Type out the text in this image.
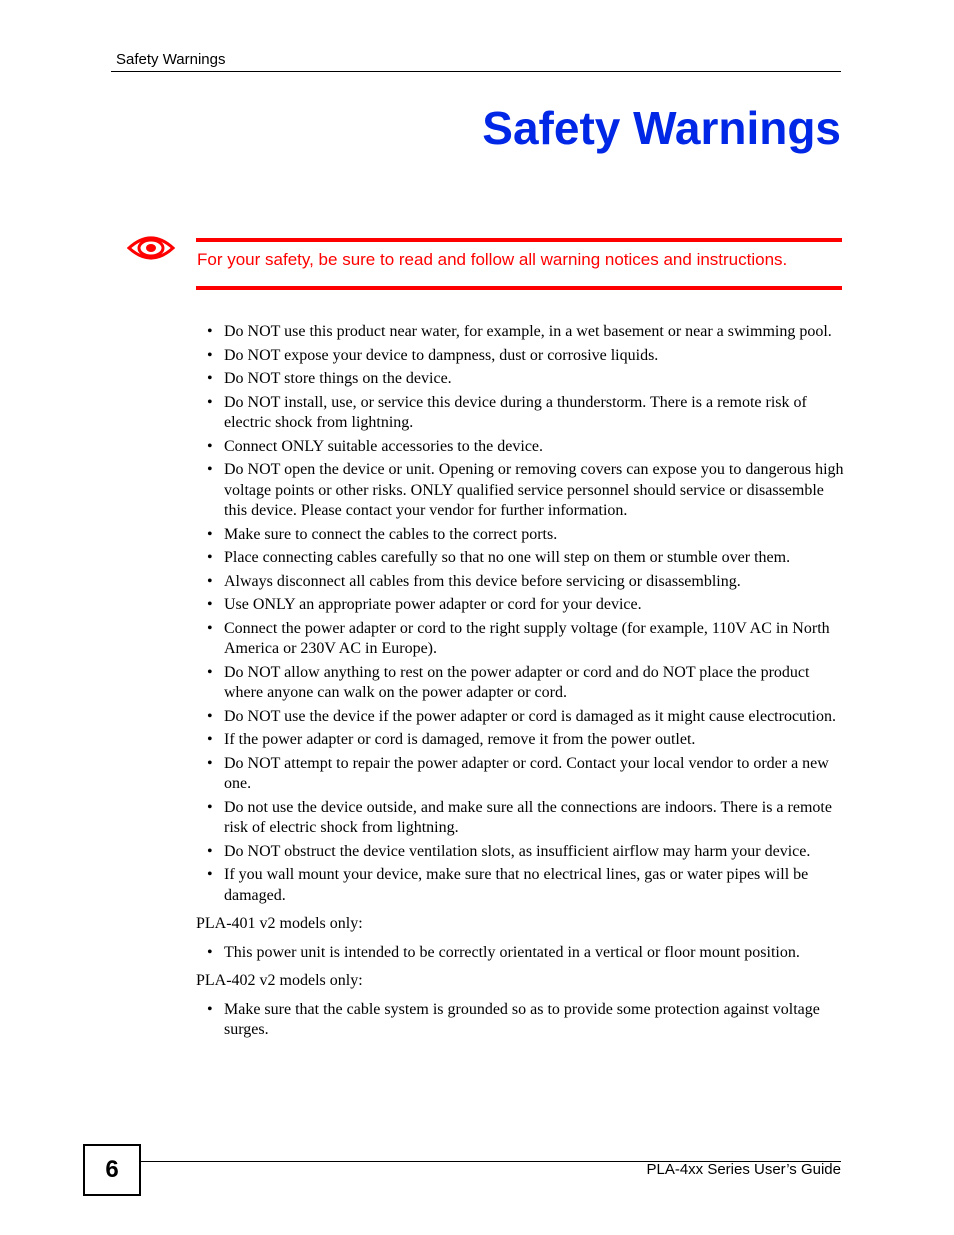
Safety Warnings
Safety Warnings
For your safety, be sure to read and follow all warning notices and instructions.
• Do NOT use this product near water, for example, in a wet basement or near a swimming pool.
• Do NOT expose your device to dampness, dust or corrosive liquids.
• Do NOT store things on the device.
• Do NOT install, use, or service this device during a thunderstorm. There is a remote risk of electric shock from lightning.
• Connect ONLY suitable accessories to the device.
• Do NOT open the device or unit. Opening or removing covers can expose you to dangerous high voltage points or other risks. ONLY qualified service personnel should service or disassemble this device. Please contact your vendor for further information.
• Make sure to connect the cables to the correct ports.
• Place connecting cables carefully so that no one will step on them or stumble over them.
• Always disconnect all cables from this device before servicing or disassembling.
• Use ONLY an appropriate power adapter or cord for your device.
• Connect the power adapter or cord to the right supply voltage (for example, 110V AC in North America or 230V AC in Europe).
• Do NOT allow anything to rest on the power adapter or cord and do NOT place the product where anyone can walk on the power adapter or cord.
• Do NOT use the device if the power adapter or cord is damaged as it might cause electrocution.
• If the power adapter or cord is damaged, remove it from the power outlet.
• Do NOT attempt to repair the power adapter or cord. Contact your local vendor to order a new one.
• Do not use the device outside, and make sure all the connections are indoors. There is a remote risk of electric shock from lightning.
• Do NOT obstruct the device ventilation slots, as insufficient airflow may harm your device.
• If you wall mount your device, make sure that no electrical lines, gas or water pipes will be damaged.

PLA-401 v2 models only:

• This power unit is intended to be correctly orientated in a vertical or floor mount position.

PLA-402 v2 models only:

• Make sure that the cable system is grounded so as to provide some protection against voltage surges.
6	PLA-4xx Series User’s Guide
